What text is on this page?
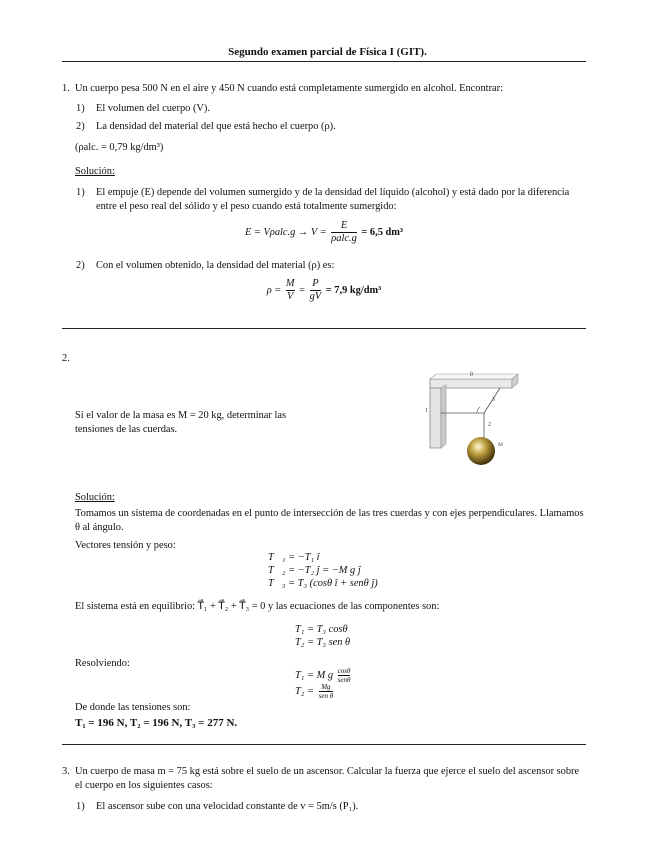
Segundo examen parcial de Física I (GIT).
1. Un cuerpo pesa 500 N en el aire y 450 N cuando está completamente sumergido en alcohol. Encontrar:
1) El volumen del cuerpo (V).
2) La densidad del material del que está hecho el cuerpo (ρ).
(ρalc. = 0,79 kg/dm³)
Solución:
1) El empuje (E) depende del volumen sumergido y de la densidad del líquido (alcohol) y está dado por la diferencia entre el peso real del sólido y el peso cuando está totalmente sumergido:
$E = V\rho alc.g \to V = \frac{E}{\text{ρalc.g}} = 6,5$ dm³
2) Con el volumen obtenido, la densidad del material (ρ) es:
$\rho = \frac{M}{V} = \frac{P}{gV} = 7,9$ kg/dm³
2.
Si el valor de la masa es M = 20 kg, determinar las tensiones de las cuerdas.
θ
1
2
3
M
Solución:
Tomamos un sistema de coordenadas en el punto de intersección de las tres cuerdas y con ejes perpendiculares. Llamamos θ al ángulo.
Vectores tensión y peso:
T⃗₁ = −T₁ î
T⃗₂ = −T₂ ĵ = −M g ĵ
T⃗₃ = T₃ (cosθ î + senθ ĵ)
El sistema está en equilibrio: T⃗₁ + T⃗₂ + T⃗₃ = 0 y las ecuaciones de las componentes son:
T₁ = T₃ cosθ
T₂ = T₃ sen θ
Resolviendo:
T₁ = M g $\frac{\cos\theta}{\text{senθ}}$
$T_2 = \frac{Mg}{\text{sen θ}}$
De donde las tensiones son:
T₁ = 196 N, T₂ = 196 N, T₃ = 277 N.
3. Un cuerpo de masa m = 75 kg está sobre el suelo de un ascensor. Calcular la fuerza que ejerce el suelo del ascensor sobre el cuerpo en los siguientes casos:
1) El ascensor sube con una velocidad constante de v = 5m/s (P₁).
